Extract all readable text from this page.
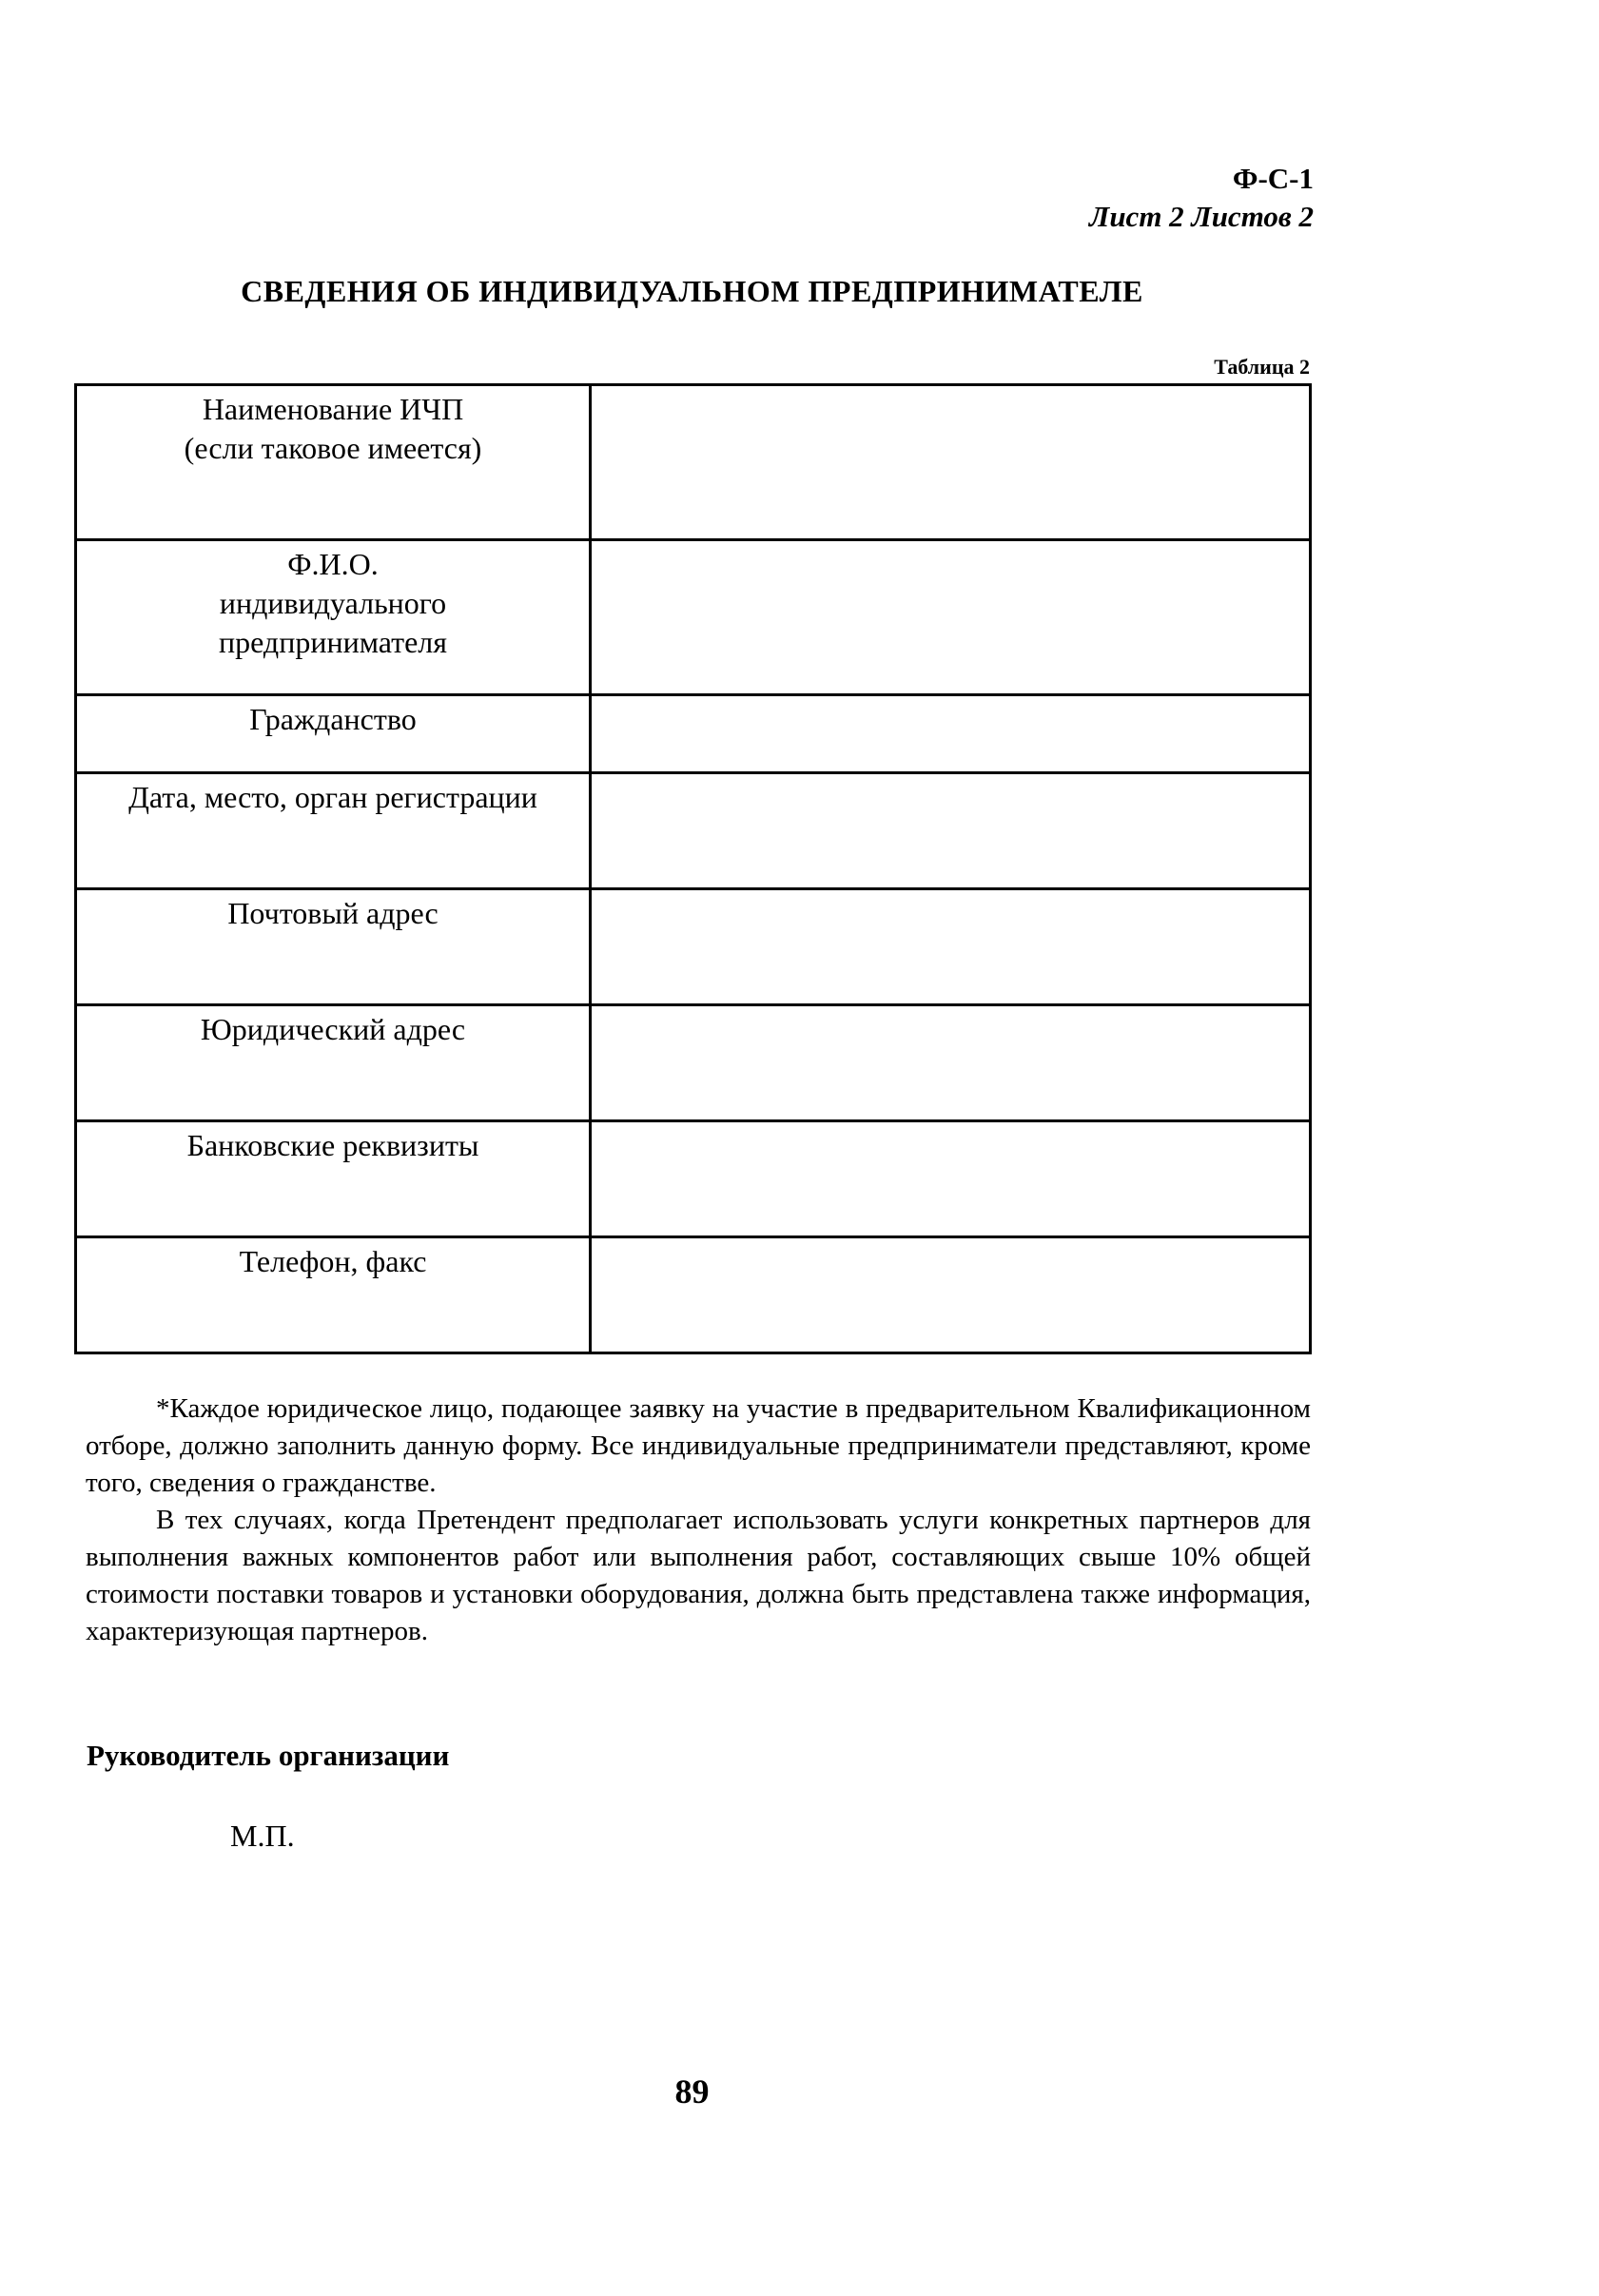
Ф-С-1
Лист 2 Листов 2
СВЕДЕНИЯ ОБ ИНДИВИДУАЛЬНОМ ПРЕДПРИНИМАТЕЛЕ
Таблица 2
Наименование ИЧП
(если таковое имеется)	

Ф.И.О.
индивидуального
предпринимателя	

Гражданство	

Дата, место, орган регистрации	

Почтовый адрес	

Юридический адрес	

Банковские реквизиты	

Телефон, факс	

*Каждое юридическое лицо, подающее заявку на участие в предварительном Квалификационном отборе, должно заполнить данную форму. Все индивидуальные предприниматели представляют, кроме того, сведения о гражданстве.

В тех случаях, когда Претендент предполагает использовать услуги конкретных партнеров для выполнения важных компонентов работ или выполнения работ, составляющих свыше 10% общей стоимости поставки товаров и установки оборудования, должна быть представлена также информация, характеризующая партнеров.

Руководитель организации
М.П.
89
